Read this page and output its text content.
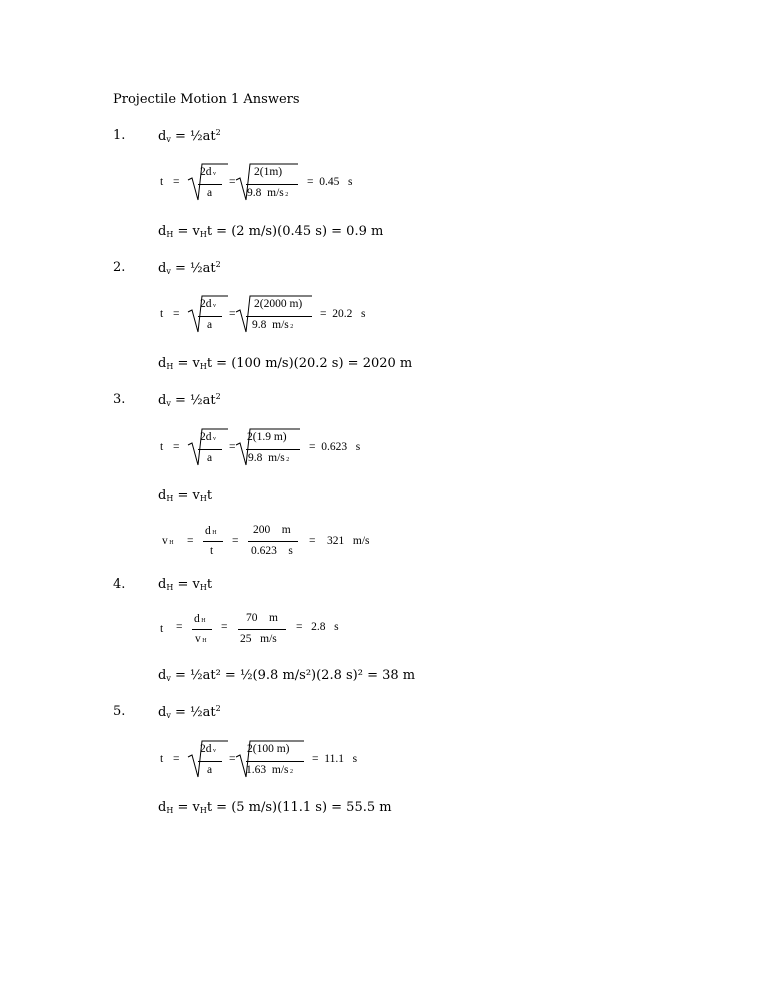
Projectile Motion 1 Answers
1.	$d_v$ = $\frac{1}{2}at^2$
t =
2d v
a
=
2(1m)
9.8 m/s 2
= 0.45 s
$d_H = v_Ht = (2$ m/s)(0.45 s) = 0.9 m
2.	$d_v$ = $\frac{1}{2}at^2$
t =
2d v
a
=
2(2000 m)
9.8 m/s 2
= 20.2 s
$d_H = v_Ht = (100$ m/s)(20.2 s) = 2020 m
3.	$d_v$ = $\frac{1}{2}at^2$
t =
2d v
a
=
2(1.9 m)
9.8 m/s 2
= 0.623 s
$d_H = v_Ht$
v H =
d H
t
=
200 m
0.623 s
= 321 m/s
4.	$d_H = v_Ht$
t =
d H
v H
=
70 m
25 m/s
= 2.8 s
$d_v$ = ½at² = ½(9.8 m/s²)(2.8 s)² = 38 m
5.	$d_v$ = $\frac{1}{2}at^2$
t =
2d v
a
=
2(100 m)
1.63 m/s 2
= 11.1 s
$d_H = v_Ht = (5$ m/s)(11.1 s) = 55.5 m
